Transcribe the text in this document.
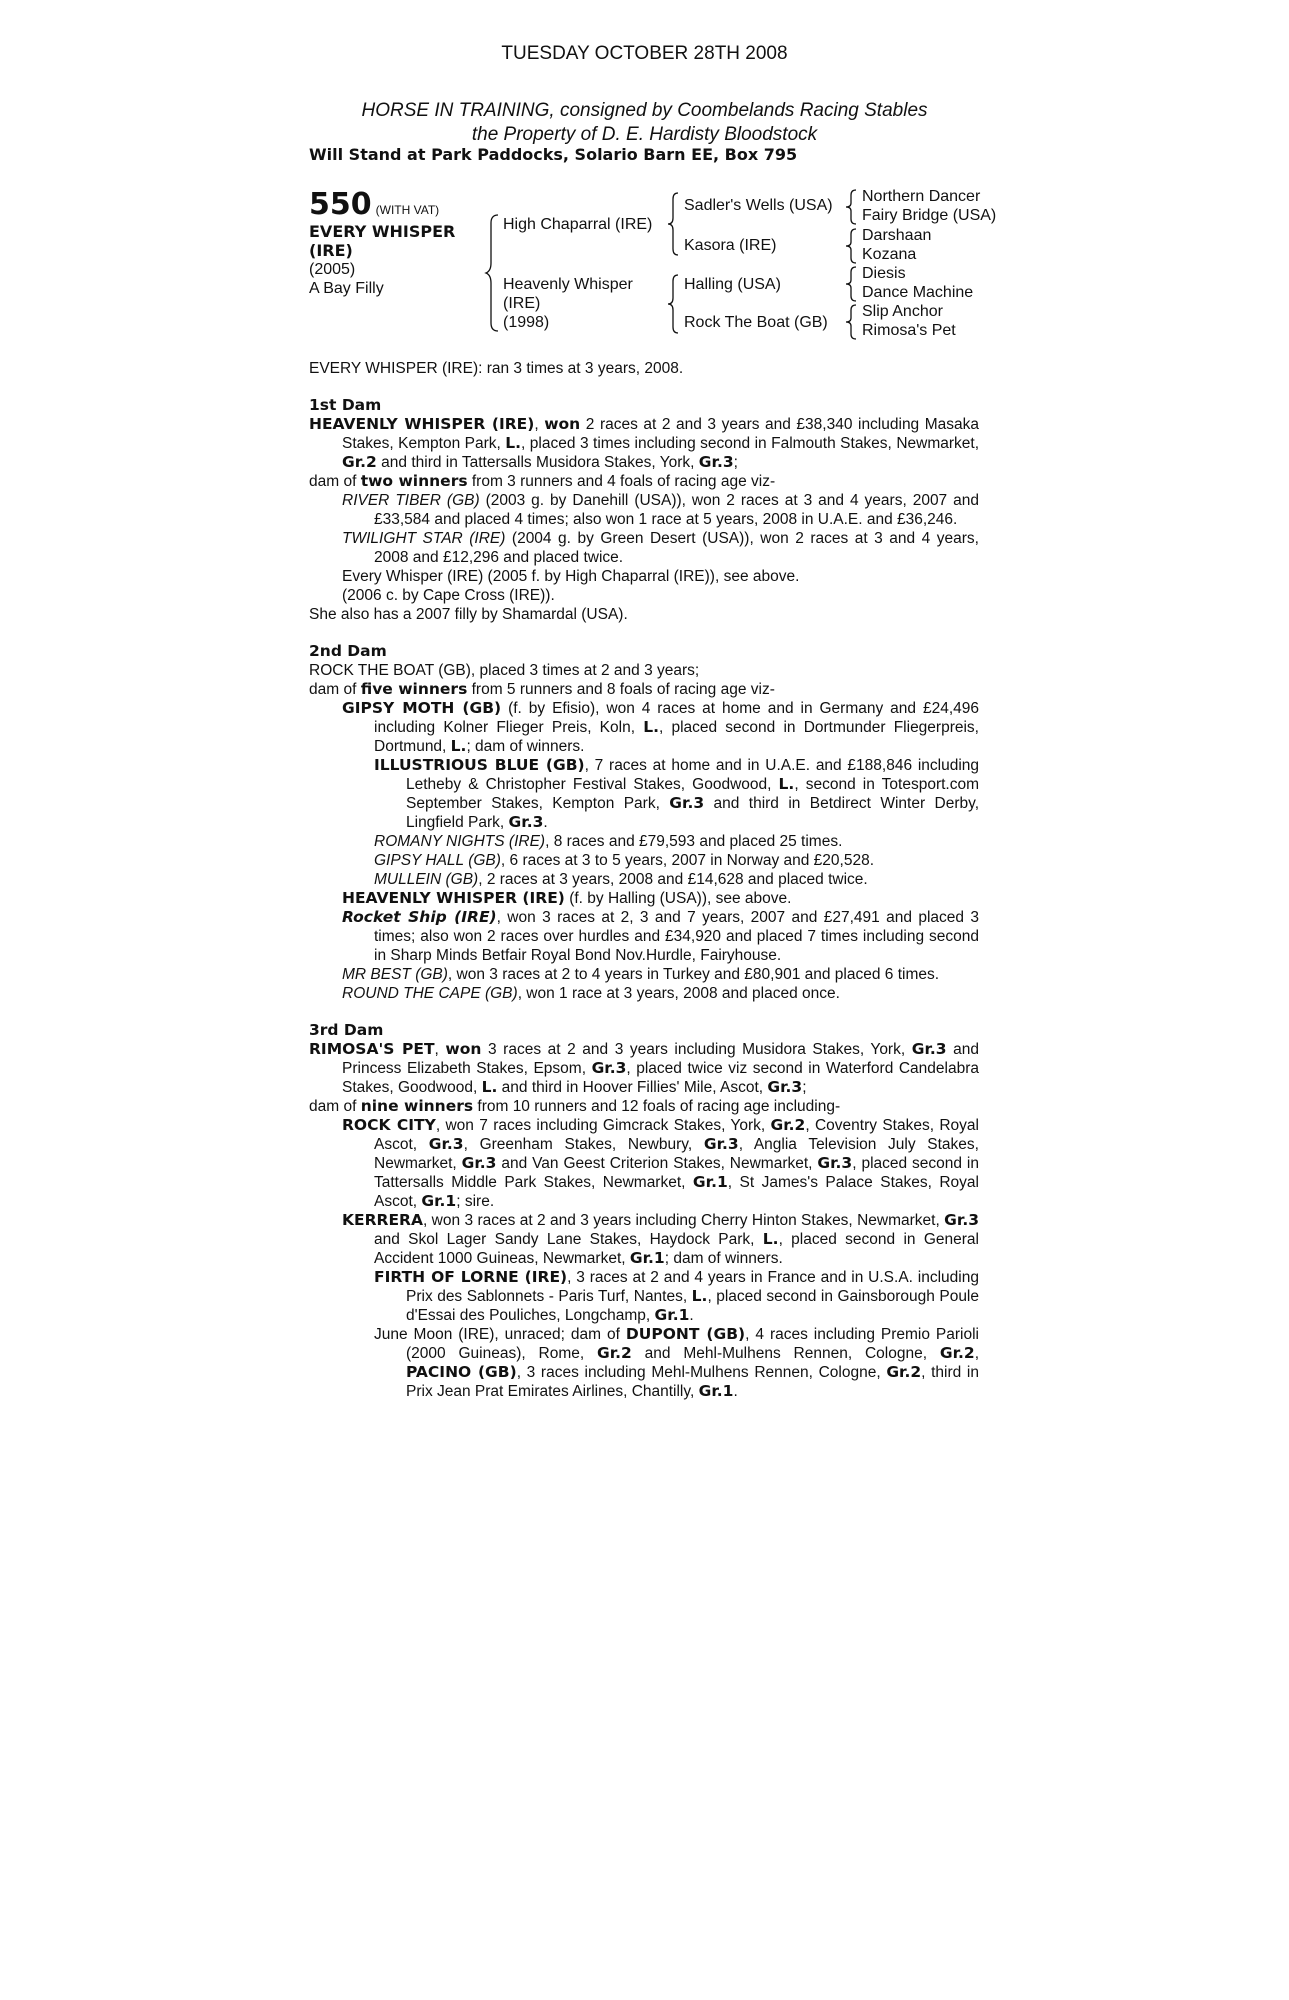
TUESDAY OCTOBER 28TH 2008
HORSE IN TRAINING, consigned by Coombelands Racing Stables
the Property of D. E. Hardisty Bloodstock
Will Stand at Park Paddocks, Solario Barn EE, Box 795
550 (WITH VAT)
EVERY WHISPER
(IRE)
(2005)
A Bay Filly
High Chaparral (IRE)
Heavenly Whisper
(IRE)
(1998)
Sadler's Wells (USA)
Kasora (IRE)
Halling (USA)
Rock The Boat (GB)
Northern Dancer
Fairy Bridge (USA)
Darshaan
Kozana
Diesis
Dance Machine
Slip Anchor
Rimosa's Pet

EVERY WHISPER (IRE): ran 3 times at 3 years, 2008.

1st Dam

HEAVENLY WHISPER (IRE), won 2 races at 2 and 3 years and £38,340 including Masaka Stakes, Kempton Park, L., placed 3 times including second in Falmouth Stakes, Newmarket, Gr.2 and third in Tattersalls Musidora Stakes, York, Gr.3;

dam of two winners from 3 runners and 4 foals of racing age viz-

RIVER TIBER (GB) (2003 g. by Danehill (USA)), won 2 races at 3 and 4 years, 2007 and £33,584 and placed 4 times; also won 1 race at 5 years, 2008 in U.A.E. and £36,246.

TWILIGHT STAR (IRE) (2004 g. by Green Desert (USA)), won 2 races at 3 and 4 years, 2008 and £12,296 and placed twice.

Every Whisper (IRE) (2005 f. by High Chaparral (IRE)), see above.

(2006 c. by Cape Cross (IRE)).

She also has a 2007 filly by Shamardal (USA).

2nd Dam

ROCK THE BOAT (GB), placed 3 times at 2 and 3 years;

dam of five winners from 5 runners and 8 foals of racing age viz-

GIPSY MOTH (GB) (f. by Efisio), won 4 races at home and in Germany and £24,496 including Kolner Flieger Preis, Koln, L., placed second in Dortmunder Fliegerpreis, Dortmund, L.; dam of winners.

ILLUSTRIOUS BLUE (GB), 7 races at home and in U.A.E. and £188,846 including Letheby & Christopher Festival Stakes, Goodwood, L., second in Totesport.com September Stakes, Kempton Park, Gr.3 and third in Betdirect Winter Derby, Lingfield Park, Gr.3.

ROMANY NIGHTS (IRE), 8 races and £79,593 and placed 25 times.

GIPSY HALL (GB), 6 races at 3 to 5 years, 2007 in Norway and £20,528.

MULLEIN (GB), 2 races at 3 years, 2008 and £14,628 and placed twice.

HEAVENLY WHISPER (IRE) (f. by Halling (USA)), see above.

Rocket Ship (IRE), won 3 races at 2, 3 and 7 years, 2007 and £27,491 and placed 3 times; also won 2 races over hurdles and £34,920 and placed 7 times including second in Sharp Minds Betfair Royal Bond Nov.Hurdle, Fairyhouse.

MR BEST (GB), won 3 races at 2 to 4 years in Turkey and £80,901 and placed 6 times.

ROUND THE CAPE (GB), won 1 race at 3 years, 2008 and placed once.

3rd Dam

RIMOSA'S PET, won 3 races at 2 and 3 years including Musidora Stakes, York, Gr.3 and Princess Elizabeth Stakes, Epsom, Gr.3, placed twice viz second in Waterford Candelabra Stakes, Goodwood, L. and third in Hoover Fillies' Mile, Ascot, Gr.3;

dam of nine winners from 10 runners and 12 foals of racing age including-

ROCK CITY, won 7 races including Gimcrack Stakes, York, Gr.2, Coventry Stakes, Royal Ascot, Gr.3, Greenham Stakes, Newbury, Gr.3, Anglia Television July Stakes, Newmarket, Gr.3 and Van Geest Criterion Stakes, Newmarket, Gr.3, placed second in Tattersalls Middle Park Stakes, Newmarket, Gr.1, St James's Palace Stakes, Royal Ascot, Gr.1; sire.

KERRERA, won 3 races at 2 and 3 years including Cherry Hinton Stakes, Newmarket, Gr.3 and Skol Lager Sandy Lane Stakes, Haydock Park, L., placed second in General Accident 1000 Guineas, Newmarket, Gr.1; dam of winners.

FIRTH OF LORNE (IRE), 3 races at 2 and 4 years in France and in U.S.A. including Prix des Sablonnets - Paris Turf, Nantes, L., placed second in Gainsborough Poule d'Essai des Pouliches, Longchamp, Gr.1.

June Moon (IRE), unraced; dam of DUPONT (GB), 4 races including Premio Parioli (2000 Guineas), Rome, Gr.2 and Mehl-Mulhens Rennen, Cologne, Gr.2, PACINO (GB), 3 races including Mehl-Mulhens Rennen, Cologne, Gr.2, third in Prix Jean Prat Emirates Airlines, Chantilly, Gr.1.
